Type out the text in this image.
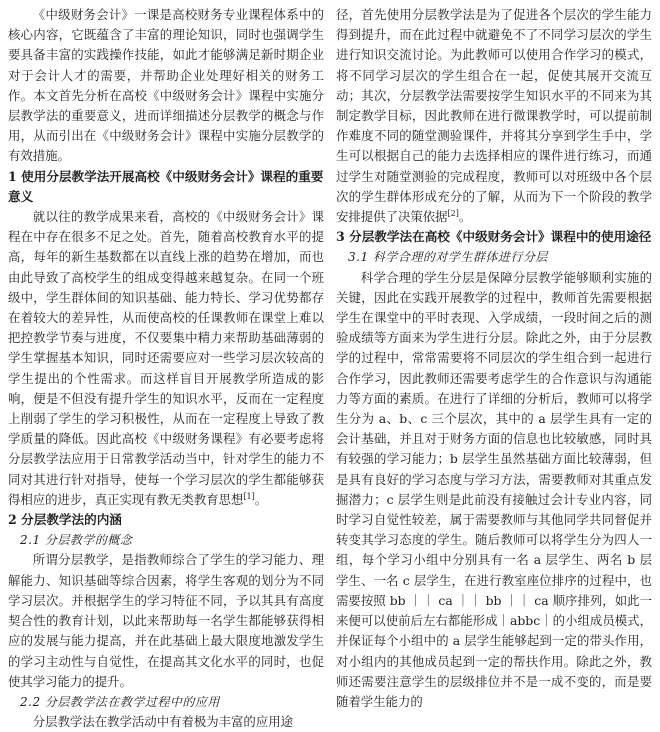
《中级财务会计》一课是高校财务专业课程体系中的核心内容，它既蕴含了丰富的理论知识，同时也强调学生要具备丰富的实践操作技能，如此才能够满足新时期企业对于会计人才的需要，并帮助企业处理好相关的财务工作。本文首先分析在高校《中级财务会计》课程中实施分层教学法的重要意义，进而详细描述分层教学的概念与作用，从而引出在《中级财务会计》课程中实施分层教学的有效措施。

1 使用分层教学法开展高校《中级财务会计》课程的重要意义

就以往的教学成果来看，高校的《中级财务会计》课程在中存在很多不足之处。首先，随着高校教育水平的提高，每年的新生基数都在以直线上涨的趋势在增加，而也由此导致了高校学生的组成变得越来越复杂。在同一个班级中，学生群体间的知识基础、能力特长、学习优势都存在着较大的差异性，从而使高校的任课教师在课堂上难以把控教学节奏与进度，不仅要集中精力来帮助基础薄弱的学生掌握基本知识，同时还需要应对一些学习层次较高的学生提出的个性需求。而这样盲目开展教学所造成的影响，便是不但没有提升学生的知识水平，反而在一定程度上削弱了学生的学习积极性，从而在一定程度上导致了教学质量的降低。因此高校《中级财务课程》有必要考虑将分层教学法应用于日常教学活动当中，针对学生的能力不同对其进行针对指导，使每一个学习层次的学生都能够获得相应的进步，真正实现有教无类教育思想[1]。

2 分层教学法的内涵
2.1 分层教学的概念

所谓分层教学，是指教师综合了学生的学习能力、理解能力、知识基础等综合因素，将学生客观的划分为不同学习层次。并根据学生的学习特征不同，予以其具有高度契合性的教育计划，以此来帮助每一名学生都能够获得相应的发展与能力提高，并在此基础上最大限度地激发学生的学习主动性与自觉性，在提高其文化水平的同时，也促使其学习能力的提升。

2.2 分层教学法在教学过程中的应用

分层教学法在教学活动中有着极为丰富的应用途

径，首先使用分层教学法是为了促进各个层次的学生能力得到提升，而在此过程中就避免不了不同学习层次的学生进行知识交流讨论。为此教师可以使用合作学习的模式，将不同学习层次的学生组合在一起，促使其展开交流互动；其次，分层教学法需要按学生知识水平的不同来为其制定教学目标，因此教师在进行微课教学时，可以提前制作难度不同的随堂测验课件，并将其分享到学生手中，学生可以根据自己的能力去选择相应的课件进行练习，而通过学生对随堂测验的完成程度，教师可以对班级中各个层次的学生群体形成充分的了解，从而为下一个阶段的教学安排提供了决策依据[2]。

3 分层教学法在高校《中级财务会计》课程中的使用途径
3.1 科学合理的对学生群体进行分层

科学合理的学生分层是保障分层教学能够顺利实施的关键，因此在实践开展教学的过程中，教师首先需要根据学生在课堂中的平时表现、入学成绩，一段时间之后的测验成绩等方面来为学生进行分层。除此之外，由于分层教学的过程中，常常需要将不同层次的学生组合到一起进行合作学习，因此教师还需要考虑学生的合作意识与沟通能力等方面的素质。在进行了详细的分析后，教师可以将学生分为 a、b、c 三个层次，其中的 a 层学生具有一定的会计基础，并且对于财务方面的信息也比较敏感，同时具有较强的学习能力；b 层学生虽然基础方面比较薄弱，但是具有良好的学习态度与学习方法，需要教师对其重点发掘潜力；c 层学生则是此前没有接触过会计专业内容，同时学习自觉性较差，属于需要教师与其他同学共同督促并转变其学习态度的学生。随后教师可以将学生分为四人一组，每个学习小组中分别具有一名 a 层学生、两名 b 层学生、一名 c 层学生，在进行教室座位排序的过程中，也需要按照 bb ｜｜ ca ｜｜ bb ｜｜ ca 顺序排列，如此一来便可以使前后左右都能形成｜abbc｜的小组成员模式，并保证每个小组中的 a 层学生能够起到一定的带头作用，对小组内的其他成员起到一定的帮扶作用。除此之外，教师还需要注意学生的层级排位并不是一成不变的，而是要随着学生能力的
